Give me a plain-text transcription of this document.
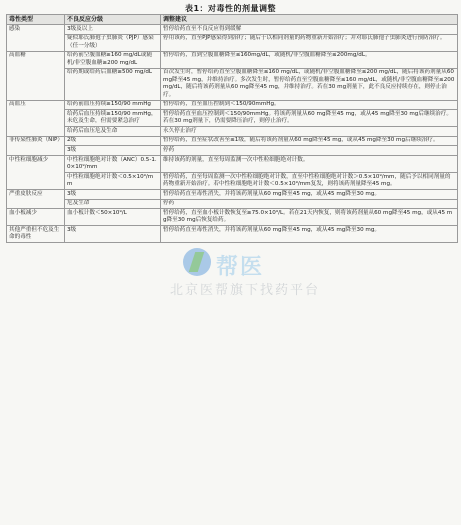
表1：对毒性的剂量调整
毒性类型	不良反应分级	调整建议
感染	3级及以上	暂停给药直至不良反应得到缓解
	疑似耶氏肺孢子虫肺炎（PJP）感染（任一分级）	停用该药，直至PJP感染得到治疗；随后于以相同剂量的药物重新开始治疗；并对耶氏肺孢子虫肺炎进行预防治疗。
高血糖	给药前空腹血糖≥160 mg/dL或随机/非空腹血糖≥200 mg/dL	暂停给药，直到空腹血糖降至≤160mg/dL，或随机/非空腹血糖降至≤200mg/dL。
	给药期或给药后血糖≥500 mg/dL	首次发生时，暂停给药直至空腹血糖降至≤160 mg/dL，或随机/非空腹血糖降至≤200 mg/dL，随后将该药剂量从60 mg降至45 mg，并维持治疗。多次发生时，暂停给药直至空腹血糖降至≤160 mg/dL，或随机/非空腹血糖降至≤200 mg/dL，随后将该药剂量从60 mg降至45 mg，并维持治疗。若在30 mg剂量下，此不良反应持续存在，则停止治疗。
高血压	给药前血压持续≥150/90 mmHg	暂停给药，直至血压控制到＜150/90mmHg。
	给药后血压持续≥150/90 mmHg，未危及生命，但需要紧急治疗	暂停给药直至血压控制到＜150/90mmHg。将该药剂量从60 mg降至45 mg，或从45 mg降至30 mg后继续治疗。若在30 mg剂量下，仍需要降压治疗，则停止治疗。
	给药后血压危及生命	永久停止治疗
非传染性肺炎（NIP）	2级	暂停给药，直至症状改善至≤1级，随后将该药剂量从60 mg降至45 mg，或从45 mg降至30 mg后继续治疗。
	3级	停药
中性粒细胞减少	中性粒细胞绝对计数（ANC）0.5-1.0×10⁹/mm	维持该药的剂量，直至每周监测一次中性粒细胞绝对计数。
	中性粒细胞绝对计数＜0.5×10⁹/mm	暂停给药，直至每周监测一次中性粒细胞绝对计数，直至中性粒细胞绝对计数＞0.5×10⁹/mm，随后予以相同剂量的药物重新开始治疗。若中性粒细胞绝对计数＜0.5×10⁹/mm复发，则将该药剂量降至45 mg。
严重皮肤反应	3级	暂停给药直至毒性消失，并将该药剂量从60 mg降至45 mg，或从45 mg降至30 mg。
	危及生命	停药
血小板减少	血小板计数＜50×10⁹/L	暂停给药，直至血小板计数恢复至≥75.0×10⁹/L。若在21天内恢复，则将该药剂量从60 mg降至45 mg，或从45 mg降至30 mg后恢复给药。
其他严重但不危及生命的毒性	3级	暂停给药直至毒性消失，并将该药剂量从60 mg降至45 mg，或从45 mg降至30 mg。
帮医
北京医帮旗下找药平台
